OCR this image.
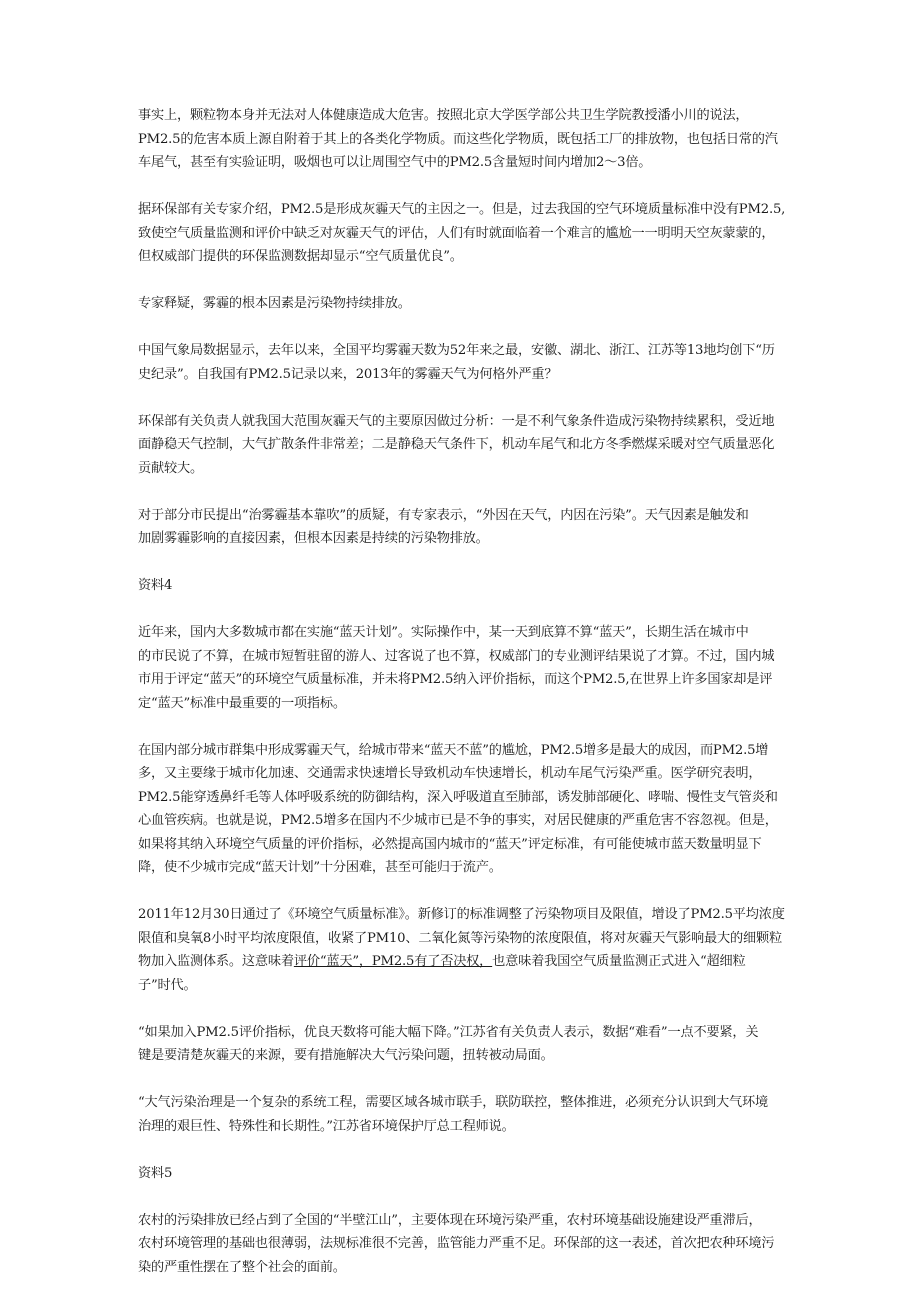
事实上，颗粒物本身并无法对人体健康造成大危害。按照北京大学医学部公共卫生学院教授潘小川的说法，
PM2.5的危害本质上源自附着于其上的各类化学物质。而这些化学物质，既包括工厂的排放物，也包括日常的汽
车尾气，甚至有实验证明，吸烟也可以让周围空气中的PM2.5含量短时间内增加2～3倍。
据环保部有关专家介绍，PM2.5是形成灰霾天气的主因之一。但是，过去我国的空气环境质量标准中没有PM2.5,
致使空气质量监测和评价中缺乏对灰霾天气的评估，人们有时就面临着一个难言的尴尬一一明明天空灰蒙蒙的，
但权威部门提供的环保监测数据却显示“空气质量优良”。
专家释疑，雾霾的根本因素是污染物持续排放。
中国气象局数据显示，去年以来，全国平均雾霾天数为52年来之最，安徽、湖北、浙江、江苏等13地均创下“历
史纪录”。自我国有PM2.5记录以来，2013年的雾霾天气为何格外严重？
环保部有关负责人就我国大范围灰霾天气的主要原因做过分析：一是不利气象条件造成污染物持续累积，受近地
面静稳天气控制，大气扩散条件非常差；二是静稳天气条件下，机动车尾气和北方冬季燃煤采暖对空气质量恶化
贡献较大。
对于部分市民提出“治雾霾基本靠吹”的质疑，有专家表示，“外因在天气，内因在污染”。天气因素是触发和
加剧雾霾影响的直接因素，但根本因素是持续的污染物排放。
资料4
近年来，国内大多数城市都在实施“蓝天计划”。实际操作中，某一天到底算不算“蓝天”，长期生活在城市中
的市民说了不算，在城市短暂驻留的游人、过客说了也不算，权威部门的专业测评结果说了才算。不过，国内城
市用于评定“蓝天”的环境空气质量标准，并未将PM2.5纳入评价指标，而这个PM2.5,在世界上许多国家却是评
定“蓝天”标准中最重要的一项指标。
在国内部分城市群集中形成雾霾天气，给城市带来“蓝天不蓝”的尴尬，PM2.5增多是最大的成因，而PM2.5增
多，又主要缘于城市化加速、交通需求快速增长导致机动车快速增长，机动车尾气污染严重。医学研究表明，
PM2.5能穿透鼻纤毛等人体呼吸系统的防御结构，深入呼吸道直至肺部，诱发肺部硬化、哮喘、慢性支气管炎和
心血管疾病。也就是说，PM2.5增多在国内不少城市已是不争的事实，对居民健康的严重危害不容忽视。但是，
如果将其纳入环境空气质量的评价指标，必然提高国内城市的“蓝天”评定标准，有可能使城市蓝天数量明显下
降，使不少城市完成“蓝天计划”十分困难，甚至可能归于流产。
2011年12月30日通过了《环境空气质量标准》。新修订的标准调整了污染物项目及限值，增设了PM2.5平均浓度
限值和臭氧8小时平均浓度限值，收紧了PM10、二氧化氮等污染物的浓度限值，将对灰霾天气影响最大的细颗粒
物加入监测体系。这意味着评价“蓝天”，PM2.5有了否决权，也意味着我国空气质量监测正式进入“超细粒
子”时代。
“如果加入PM2.5评价指标，优良天数将可能大幅下降。”江苏省有关负责人表示，数据“难看”一点不要紧，关
键是要清楚灰霾天的来源，要有措施解决大气污染问题，扭转被动局面。
“大气污染治理是一个复杂的系统工程，需要区域各城市联手，联防联控，整体推进，必须充分认识到大气环境
治理的艰巨性、特殊性和长期性。”江苏省环境保护厅总工程师说。
资料5
农村的污染排放已经占到了全国的“半壁江山”，主要体现在环境污染严重，农村环境基础设施建设严重滞后，
农村环境管理的基础也很薄弱，法规标准很不完善，监管能力严重不足。环保部的这一表述，首次把农种环境污
染的严重性摆在了整个社会的面前。
